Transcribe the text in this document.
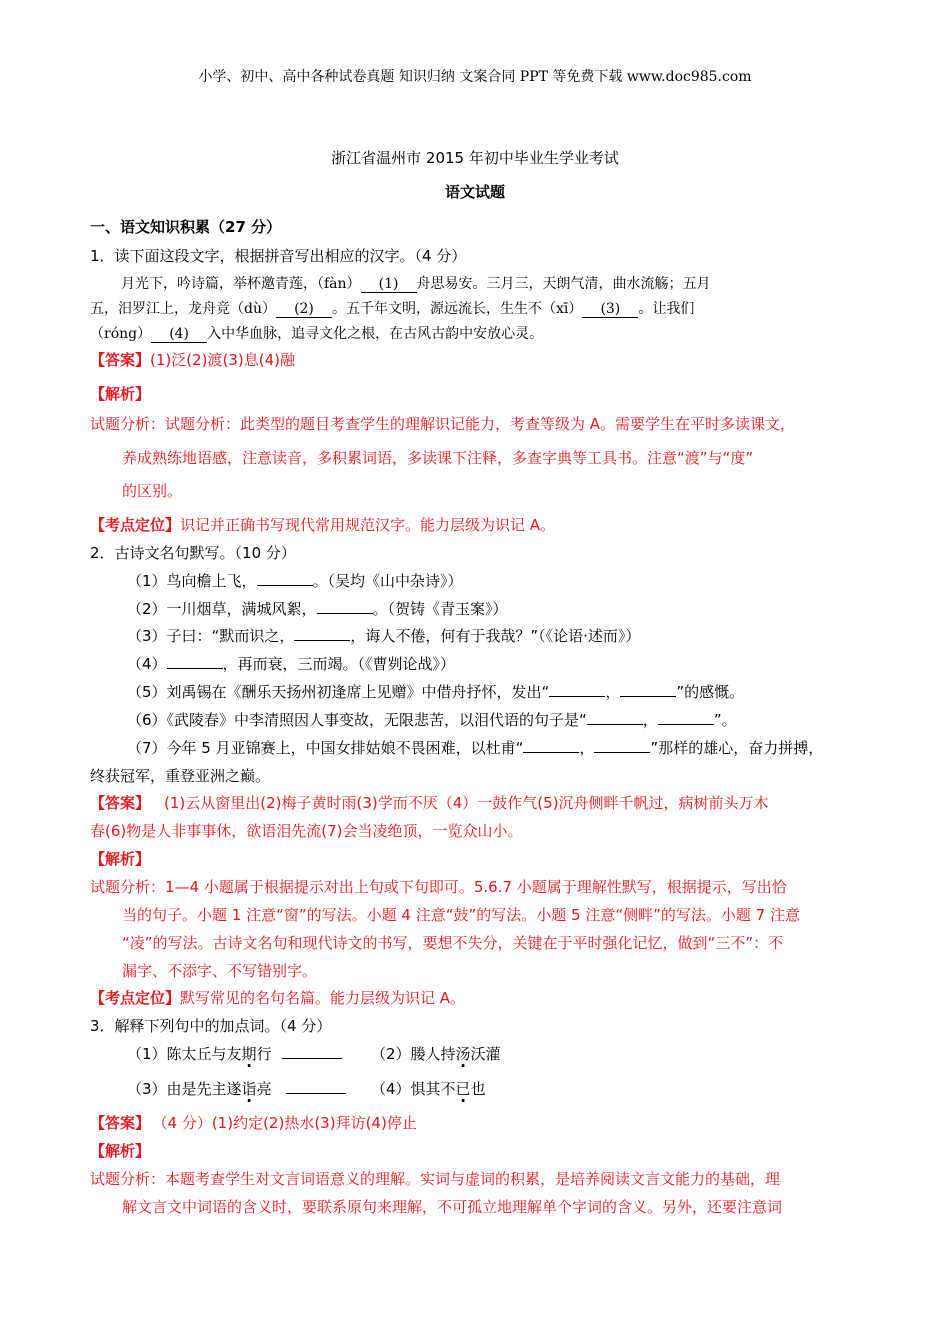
小学、初中、高中各种试卷真题 知识归纳 文案合同 PPT 等免费下载 www.doc985.com
浙江省温州市 2015 年初中毕业生学业考试
语文试题
一、语文知识积累（27 分）
1．读下面这段文字，根据拼音写出相应的汉字。（4 分）
月光下，吟诗篇，举杯邀青莲，（fàn） (1) 舟思易安。三月三，天朗气清，曲水流觞；五月
五，汨罗江上，龙舟竞（dù） (2) 。五千年文明，源远流长，生生不（xī） (3) 。让我们
（róng） (4) 入中华血脉，追寻文化之根，在古风古韵中安放心灵。
【答案】(1)泛(2)渡(3)息(4)融
【解析】
试题分析：试题分析：此类型的题目考查学生的理解识记能力，考查等级为 A。需要学生在平时多读课文，
养成熟练地语感，注意读音，多积累词语，多读课下注释，多查字典等工具书。注意“渡”与“度”
的区别。
【考点定位】识记并正确书写现代常用规范汉字。能力层级为识记 A。
2．古诗文名句默写。（10 分）
（1）鸟向檐上飞，	。（吴均《山中杂诗》）
（2）一川烟草，满城风絮，	。（贺铸《青玉案》）
（3）子曰：“默而识之，	，诲人不倦，何有于我哉？”（《论语·述而》）
（4）	，再而衰，三而竭。（《曹刿论战》）
（5）刘禹锡在《酬乐天扬州初逢席上见赠》中借舟抒怀，发出“	，	”的感慨。
（6）《武陵春》中李清照因人事变故，无限悲苦，以泪代语的句子是“	，	”。
（7）今年 5 月亚锦赛上，中国女排姑娘不畏困难，以杜甫“	，	”那样的雄心，奋力拼搏，
终获冠军，重登亚洲之巅。
【答案】 (1)云从窗里出(2)梅子黄时雨(3)学而不厌（4）一鼓作气(5)沉舟侧畔千帆过，病树前头万木
春(6)物是人非事事休，欲语泪先流(7)会当凌绝顶，一览众山小。
【解析】
试题分析：1—4 小题属于根据提示对出上句或下句即可。5.6.7 小题属于理解性默写，根据提示，写出恰
当的句子。小题 1 注意“窗”的写法。小题 4 注意“鼓”的写法。小题 5 注意“侧畔”的写法。小题 7 注意
“凌”的写法。古诗文名句和现代诗文的书写，要想不失分，关键在于平时强化记忆，做到“三不”：不
漏字、不添字、不写错别字。
【考点定位】默写常见的名句名篇。能力层级为识记 A。
3．解释下列句中的加点词。（4 分）
（1）陈太丘与友期行	（2）媵人持汤沃灌
（3）由是先主遂诣亮	（4）惧其不已也
【答案】 （4 分）(1)约定(2)热水(3)拜访(4)停止
【解析】
试题分析：本题考查学生对文言词语意义的理解。实词与虚词的积累，是培养阅读文言文能力的基础，理
解文言文中词语的含义时，要联系原句来理解，不可孤立地理解单个字词的含义。另外，还要注意词
